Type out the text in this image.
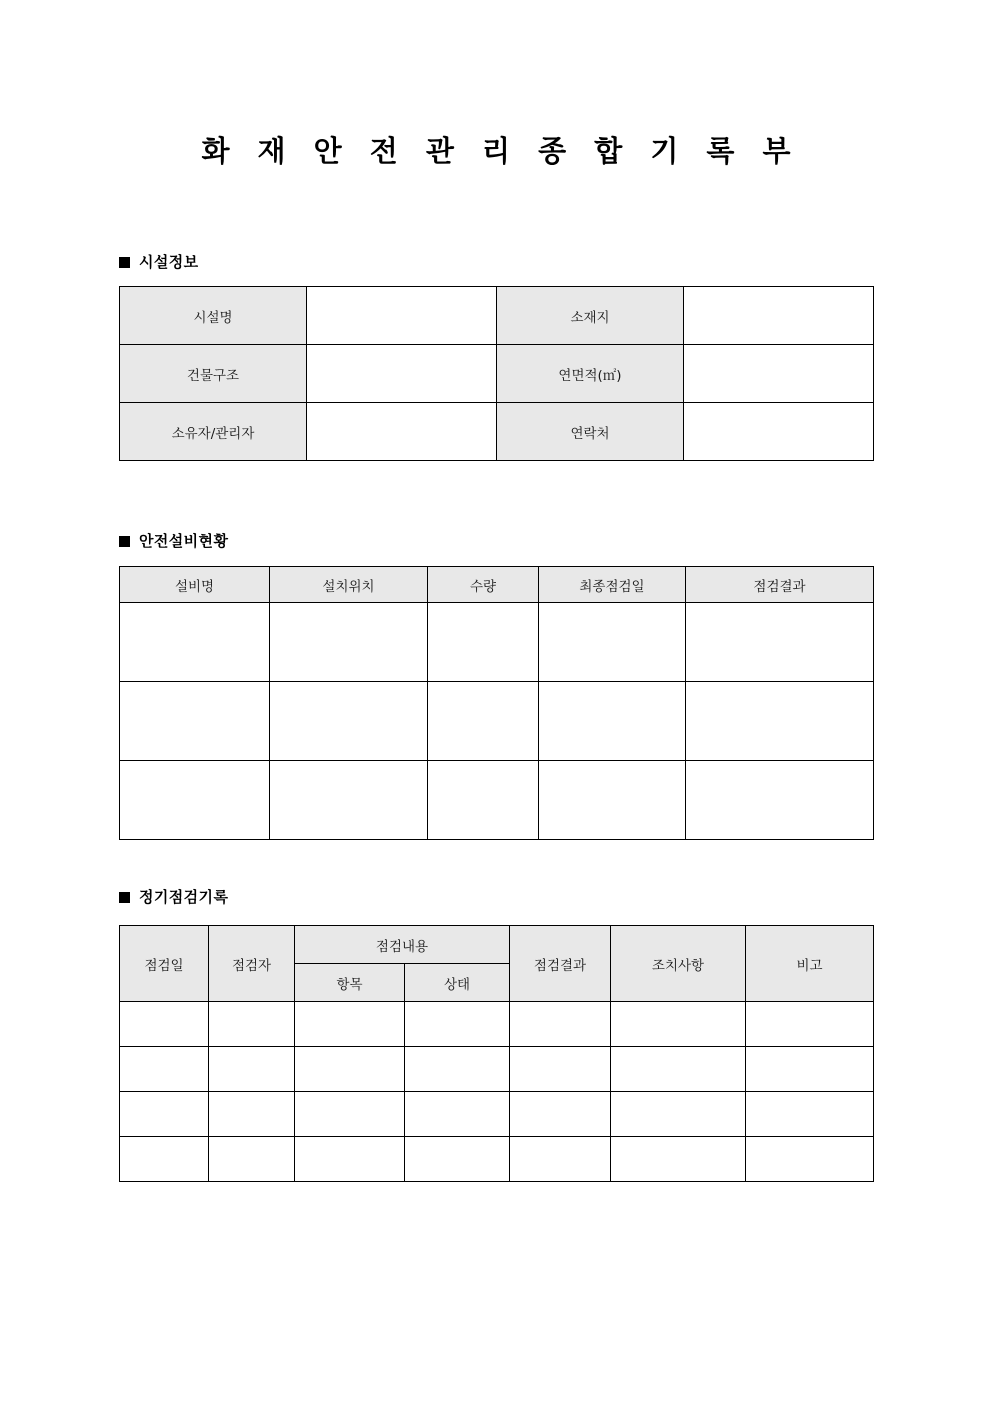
화 재 안 전 관 리 종 합 기 록 부
시설정보
시설명		소재지	
건물구조		연면적(㎡)	
소유자/관리자		연락처	
안전설비현황
설비명	설치위치	수량	최종점검일	점검결과

정기점검기록
점검일	점검자	점검내용		점검결과	조치사항	비고
		항목	상태			
